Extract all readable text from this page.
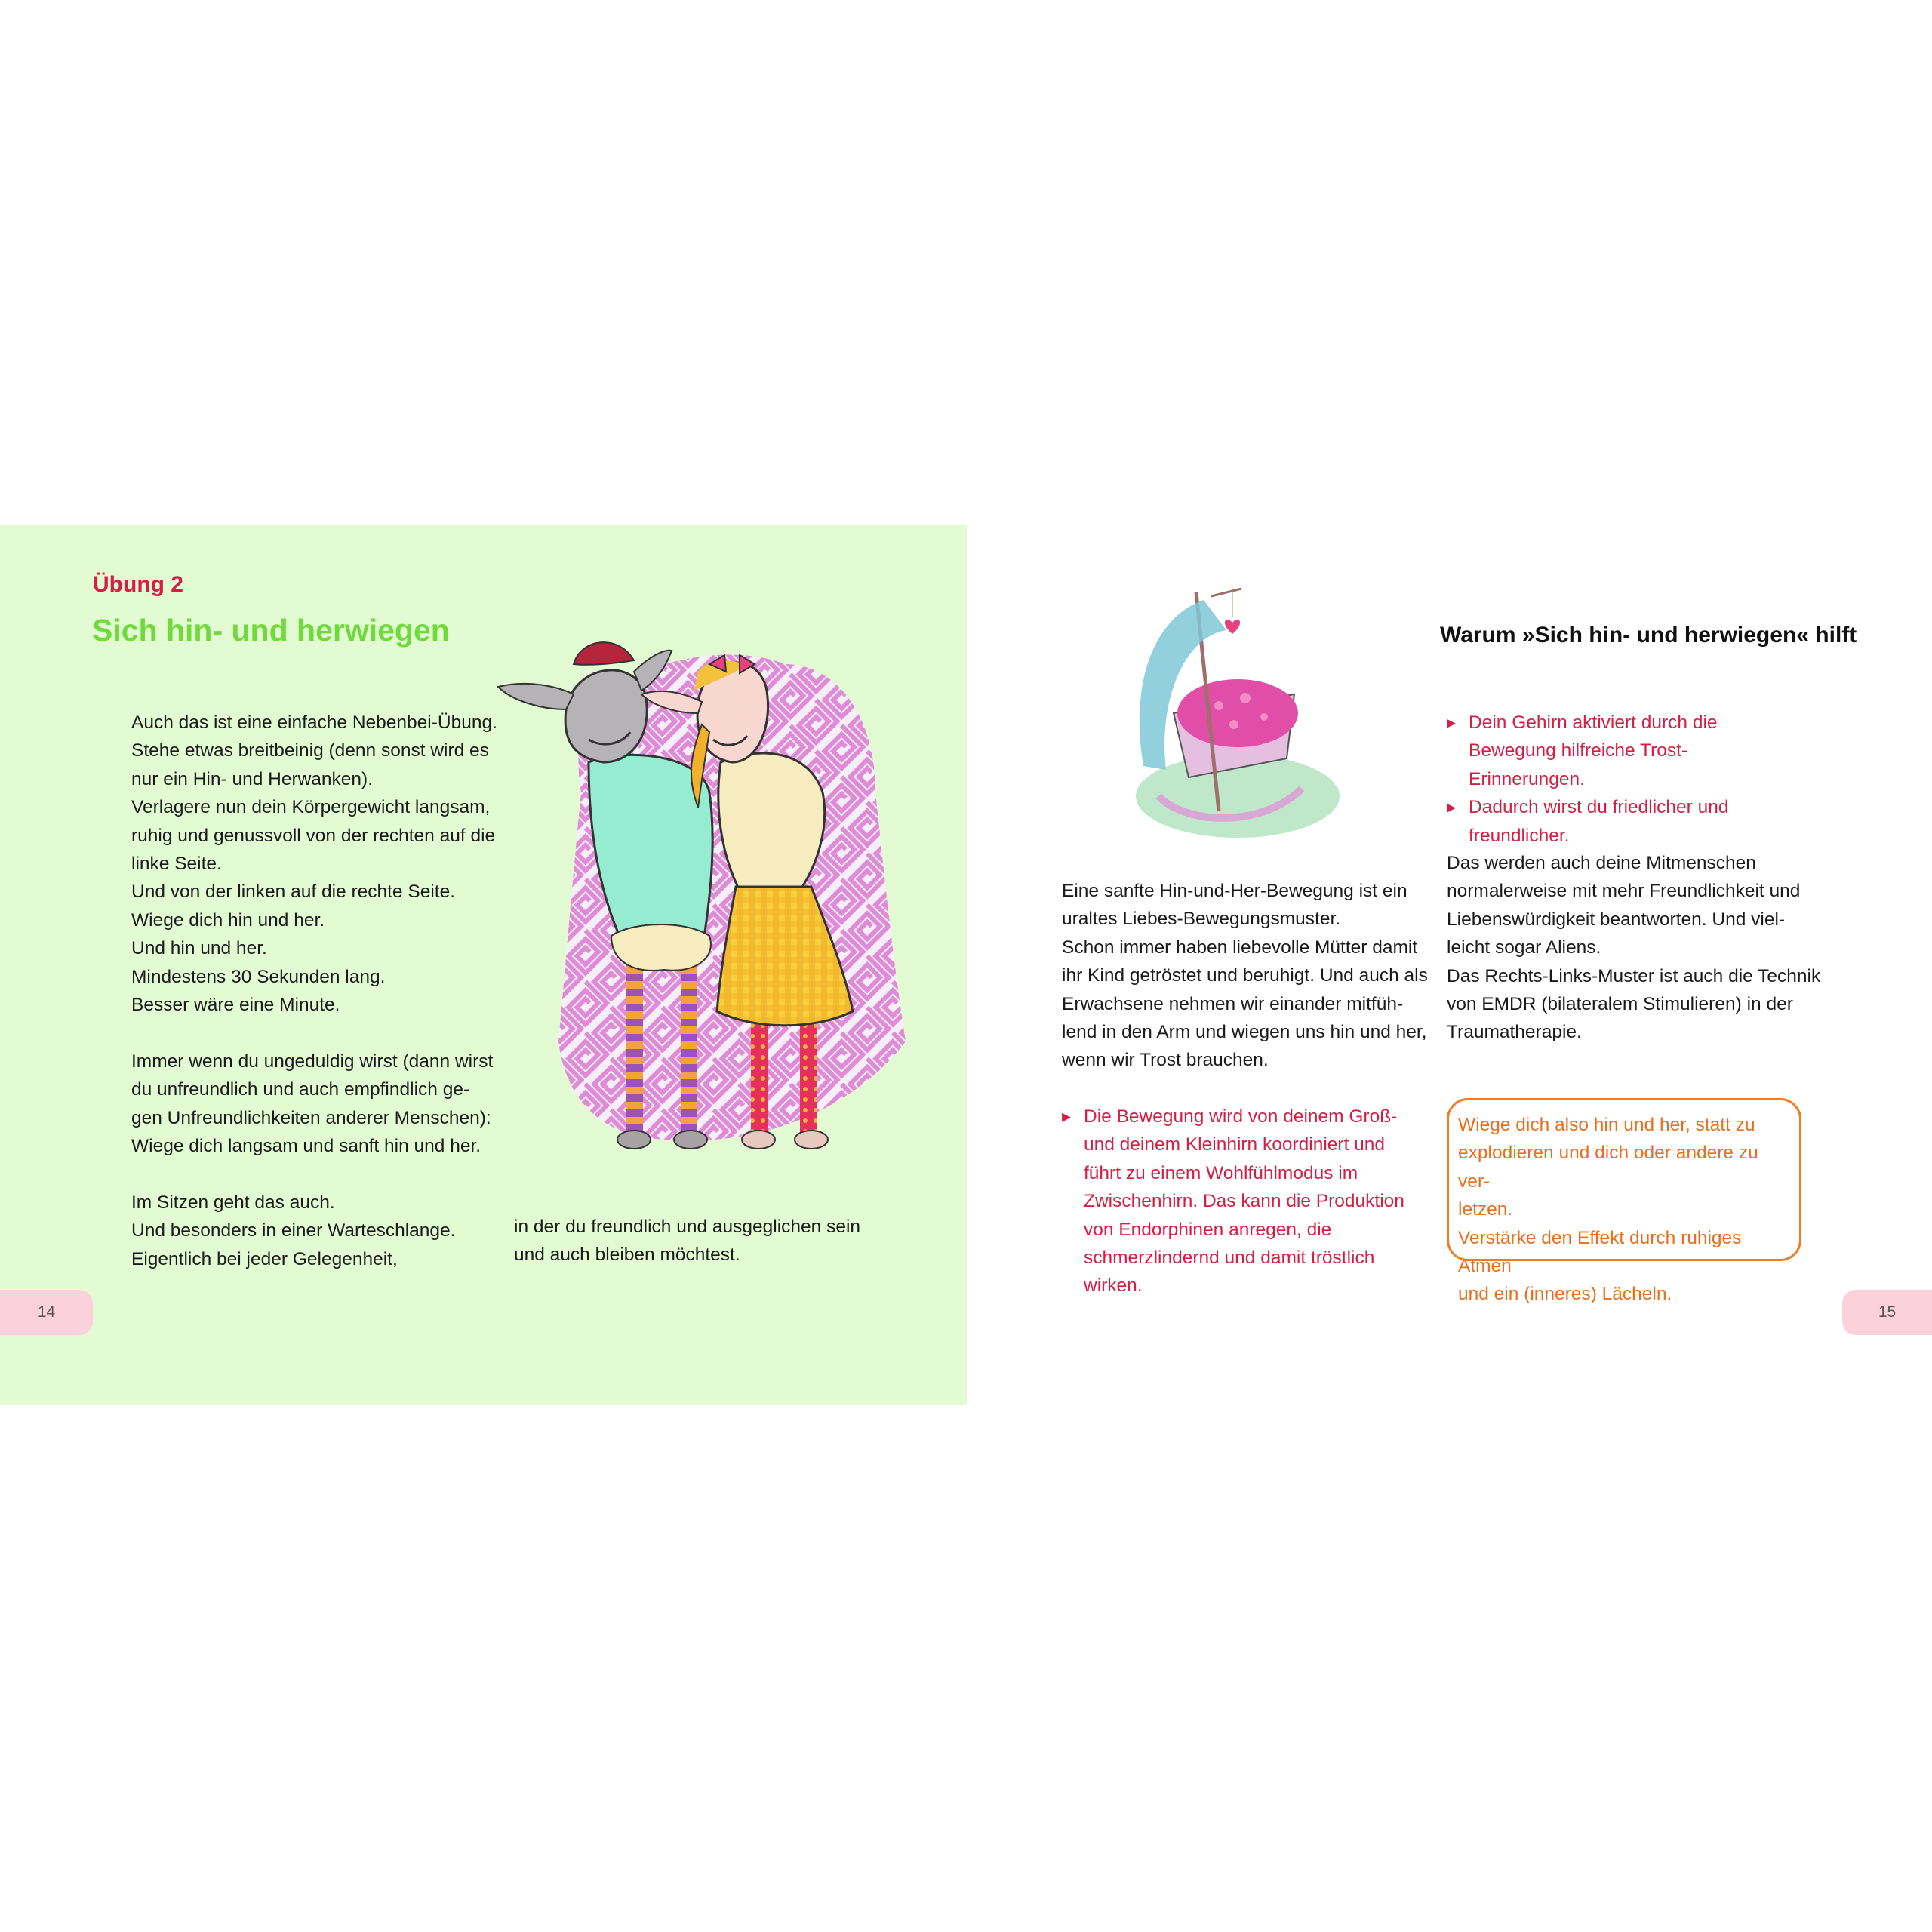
Übung 2
Sich hin- und herwiegen

Auch das ist eine einfache Nebenbei-Übung.

Stehe etwas breitbeinig (denn sonst wird es

nur ein Hin- und Herwanken).

Verlagere nun dein Körpergewicht langsam,

ruhig und genussvoll von der rechten auf die

linke Seite.

Und von der linken auf die rechte Seite.

Wiege dich hin und her.

Und hin und her.

Mindestens 30 Sekunden lang.

Besser wäre eine Minute.

Immer wenn du ungeduldig wirst (dann wirst

du unfreundlich und auch empfindlich ge-

gen Unfreundlichkeiten anderer Menschen):

Wiege dich langsam und sanft hin und her.

Im Sitzen geht das auch.

Und besonders in einer Warteschlange.

Eigentlich bei jeder Gelegenheit,

in der du freundlich und ausgeglichen sein

und auch bleiben möchtest.

14
Warum »Sich hin- und herwiegen« hilft
▸ Dein Gehirn aktiviert durch die Bewegung hilfreiche Trost-Erinnerungen.
▸ Dadurch wirst du friedlicher und freundlicher.

Das werden auch deine Mitmenschen

normalerweise mit mehr Freundlichkeit und

Liebenswürdigkeit beantworten. Und viel-

leicht sogar Aliens.

Das Rechts-Links-Muster ist auch die Technik

von EMDR (bilateralem Stimulieren) in der

Traumatherapie.

Eine sanfte Hin-und-Her-Bewegung ist ein

uraltes Liebes-Bewegungsmuster.

Schon immer haben liebevolle Mütter damit

ihr Kind getröstet und beruhigt. Und auch als

Erwachsene nehmen wir einander mitfüh-

lend in den Arm und wiegen uns hin und her,

wenn wir Trost brauchen.

▸ Die Bewegung wird von deinem Groß- und deinem Kleinhirn koordiniert und führt zu einem Wohlfühlmodus im Zwischenhirn. Das kann die Produktion von Endorphinen anregen, die schmerzlindernd und damit tröstlich wirken.
Wiege dich also hin und her, statt zu
explodieren und dich oder andere zu ver-
letzen.
Verstärke den Effekt durch ruhiges Atmen
und ein (inneres) Lächeln.
15
